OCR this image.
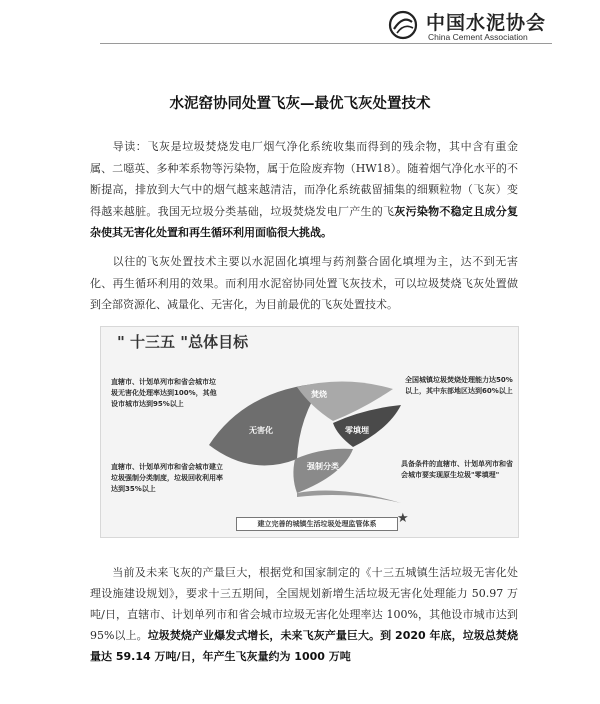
中国水泥协会
China Cement Association
水泥窑协同处置飞灰—最优飞灰处置技术
  导读：飞灰是垃圾焚烧发电厂烟气净化系统收集而得到的残余物，其中含有重金属、二噁英、多种苯系物等污染物，属于危险废弃物（HW18）。随着烟气净化水平的不断提高，排放到大气中的烟气越来越清洁，而净化系统截留捕集的细颗粒物（飞灰）变得越来越脏。我国无垃圾分类基础，垃圾焚烧发电厂产生的飞灰污染物不稳定且成分复杂使其无害化处置和再生循环利用面临很大挑战。
  以往的飞灰处置技术主要以水泥固化填埋与药剂螯合固化填埋为主，达不到无害化、再生循环利用的效果。而利用水泥窑协同处置飞灰技术，可以垃圾焚烧飞灰处置做到全部资源化、减量化、无害化，为目前最优的飞灰处置技术。
" 十三五 "总体目标
无害化
焚烧
零填埋
强制分类
直辖市、计划单列市和省会城市垃圾无害化处理率达到100%，其他设市城市达到95%以上
直辖市、计划单列市和省会城市建立垃圾强制分类制度，垃圾回收利用率达到35%以上
全国城镇垃圾焚烧处理能力达50%以上，其中东部地区达到60%以上
具备条件的直辖市、计划单列市和省会城市要实现原生垃圾"零填埋"
建立完善的城镇生活垃圾处理监管体系	★
  当前及未来飞灰的产量巨大，根据党和国家制定的《十三五城镇生活垃圾无害化处理设施建设规划》，要求十三五期间，全国规划新增生活垃圾无害化处理能力 50.97 万吨/日，直辖市、计划单列市和省会城市垃圾无害化处理率达 100%，其他设市城市达到 95%以上。垃圾焚烧产业爆发式增长，未来飞灰产量巨大。到 2020 年底，垃圾总焚烧量达 59.14 万吨/日，年产生飞灰量约为 1000 万吨
